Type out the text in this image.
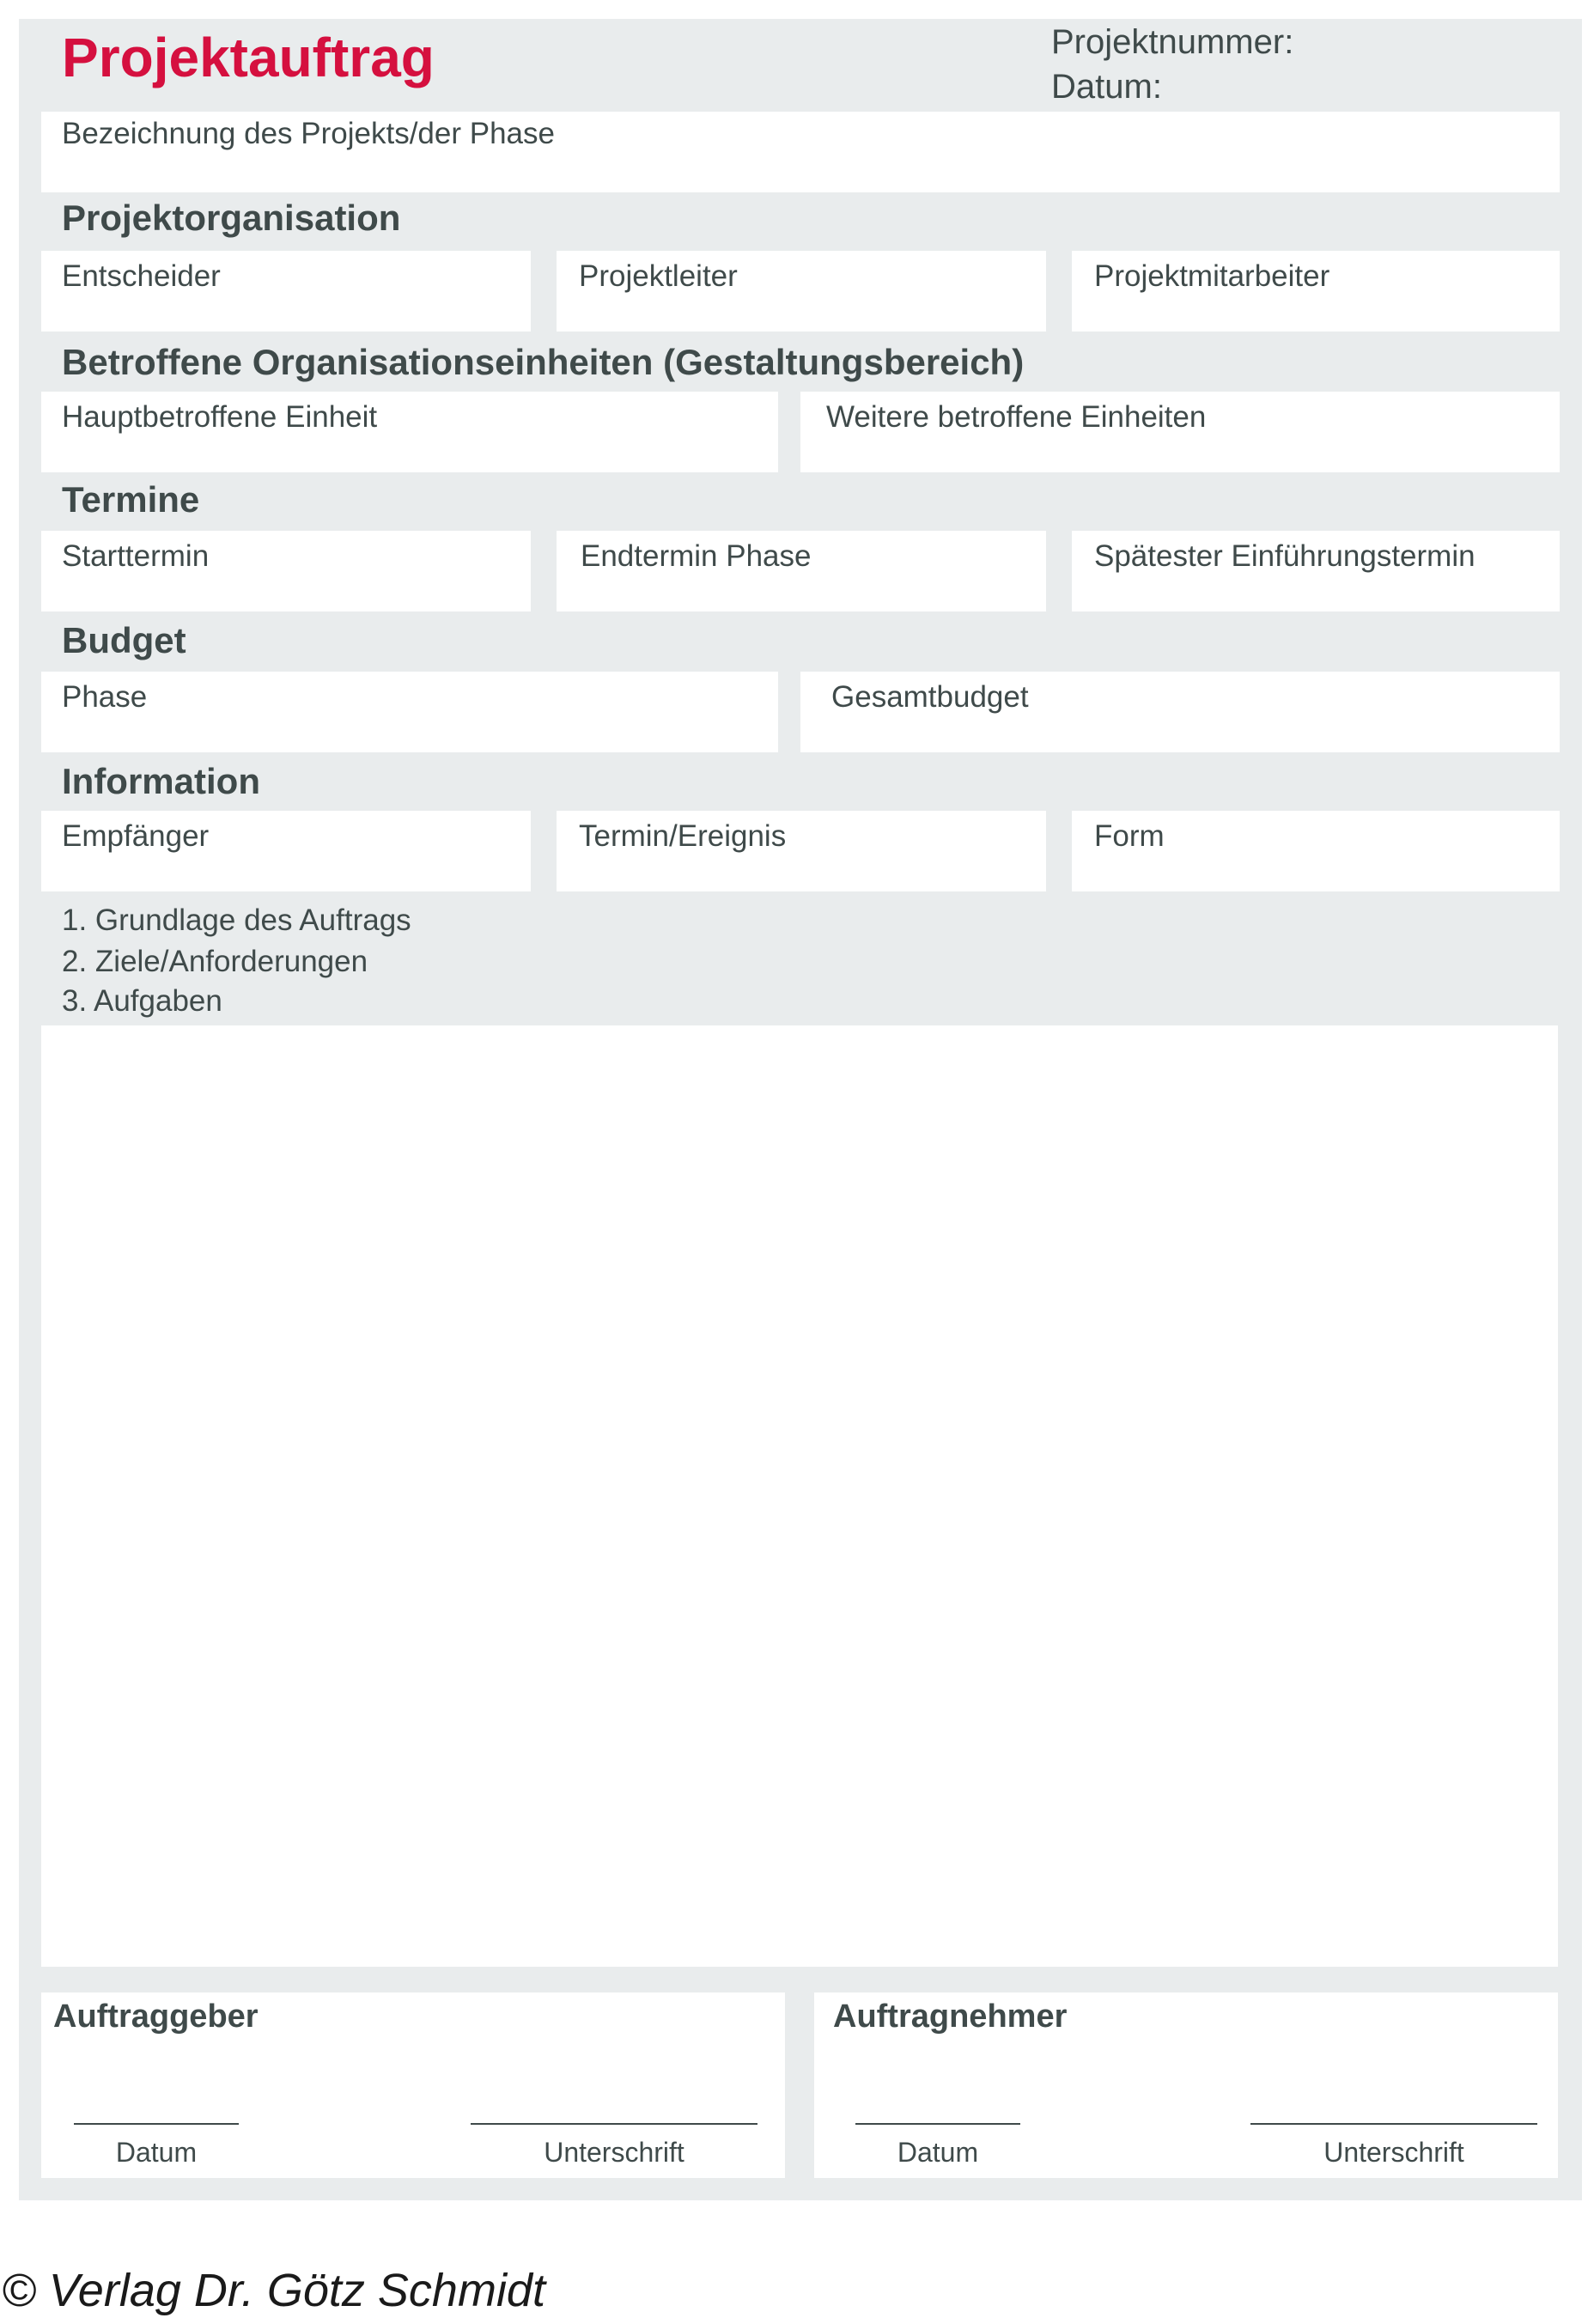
Projektauftrag	Projektnummer:
Datum:
Bezeichnung des Projekts/der Phase
Projektorganisation
Entscheider	Projektleiter	Projektmitarbeiter
Betroffene Organisationseinheiten (Gestaltungsbereich)
Hauptbetroffene Einheit	Weitere betroffene Einheiten
Termine
Starttermin	Endtermin Phase	Spätester Einführungstermin
Budget
Phase	Gesamtbudget
Information
Empfänger	Termin/Ereignis	Form
1. Grundlage des Auftrags
2. Ziele/Anforderungen
3. Aufgaben
Auftraggeber
Datum	Unterschrift
Auftragnehmer
Datum	Unterschrift
© Verlag Dr. Götz Schmidt
